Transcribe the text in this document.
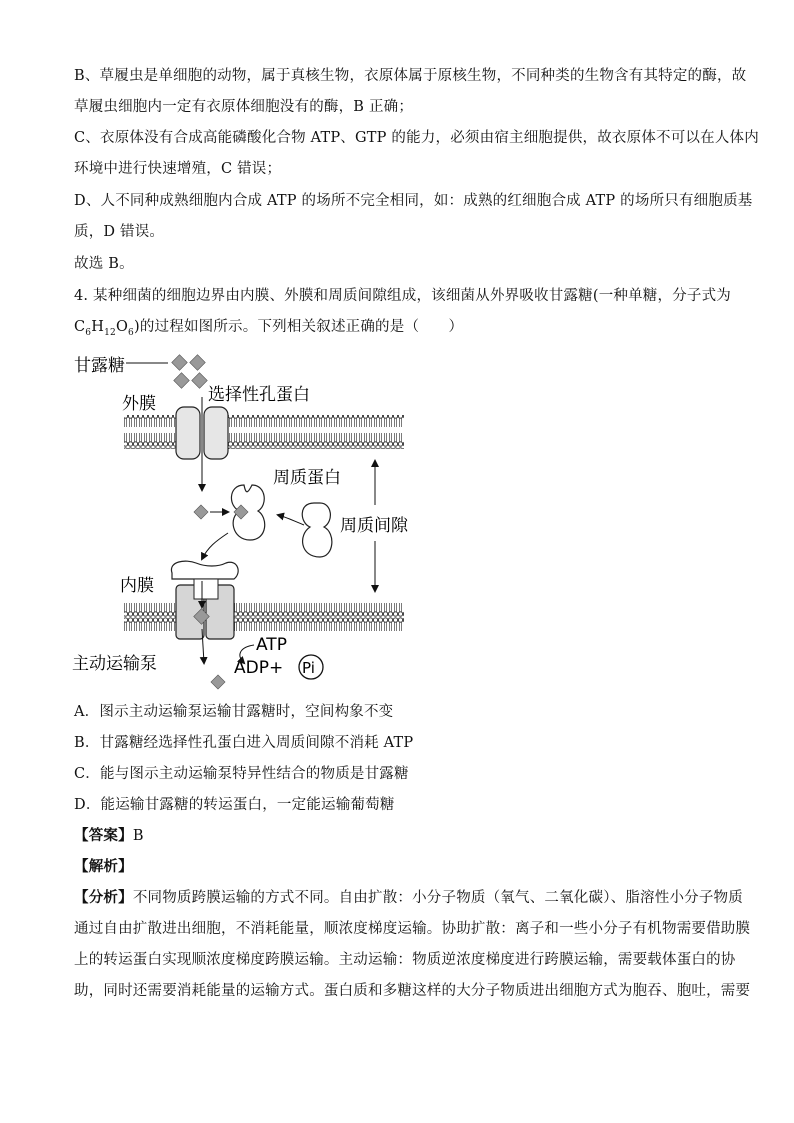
B、草履虫是单细胞的动物，属于真核生物，衣原体属于原核生物，不同种类的生物含有其特定的酶，故
草履虫细胞内一定有衣原体细胞没有的酶，B 正确；
C、衣原体没有合成高能磷酸化合物 ATP、GTP 的能力，必须由宿主细胞提供，故衣原体不可以在人体内
环境中进行快速增殖，C 错误；
D、人不同种成熟细胞内合成 ATP 的场所不完全相同，如：成熟的红细胞合成 ATP 的场所只有细胞质基
质，D 错误。
故选 B。
4. 某种细菌的细胞边界由内膜、外膜和周质间隙组成，该细菌从外界吸收甘露糖(一种单糖，分子式为
$C_6H_{12}O_6$)的过程如图所示。下列相关叙述正确的是（　　）
甘露糖
外膜	选择性孔蛋白
周质蛋白
周质间隙
内膜
ATP
ADP+ Pi
主动运输泵
A．图示主动运输泵运输甘露糖时，空间构象不变
B．甘露糖经选择性孔蛋白进入周质间隙不消耗 ATP
C．能与图示主动运输泵特异性结合的物质是甘露糖
D．能运输甘露糖的转运蛋白，一定能运输葡萄糖
【答案】B
【解析】
【分析】不同物质跨膜运输的方式不同。自由扩散：小分子物质（氧气、二氧化碳）、脂溶性小分子物质
通过自由扩散进出细胞，不消耗能量，顺浓度梯度运输。协助扩散：离子和一些小分子有机物需要借助膜
上的转运蛋白实现顺浓度梯度跨膜运输。主动运输：物质逆浓度梯度进行跨膜运输，需要载体蛋白的协
助，同时还需要消耗能量的运输方式。蛋白质和多糖这样的大分子物质进出细胞方式为胞吞、胞吐，需要
